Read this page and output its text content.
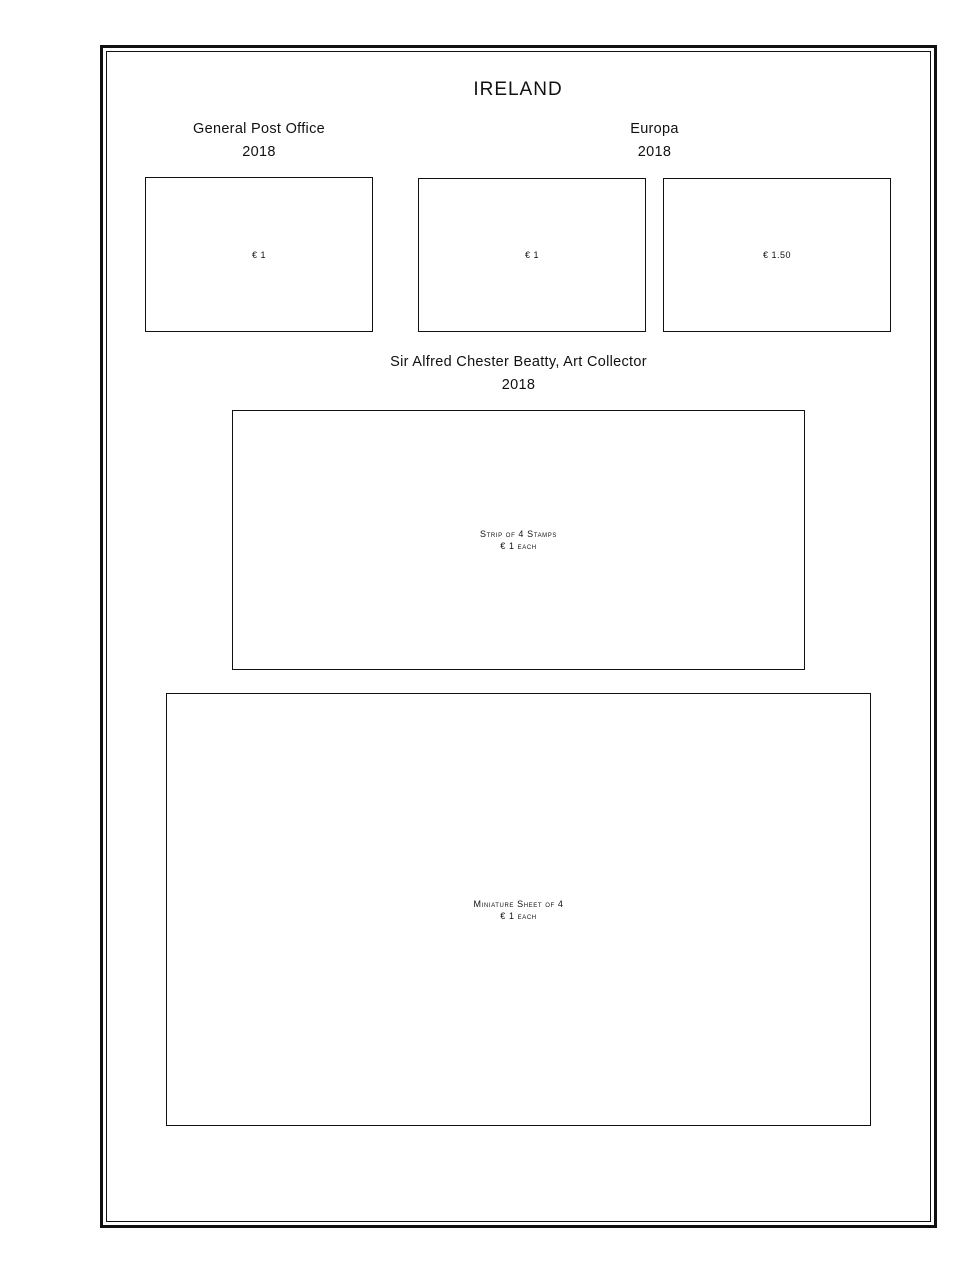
IRELAND
General Post Office
2018
€ 1
Europa
2018
€ 1	€ 1.50
Sir Alfred Chester Beatty, Art Collector
2018
Strip of 4 Stamps
€ 1 each
Miniature Sheet of 4
€ 1 each
